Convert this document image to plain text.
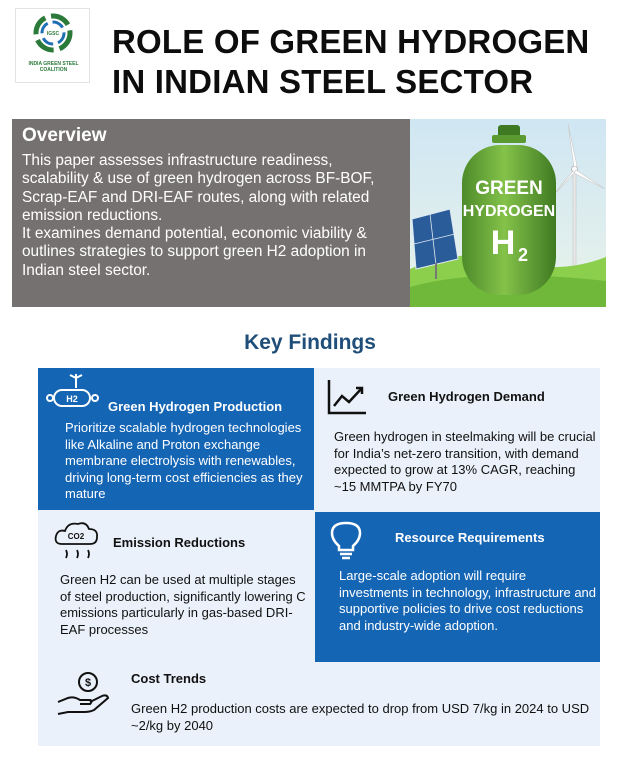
IGSC
INDIA GREEN STEEL
COALITION
ROLE OF GREEN HYDROGEN
IN INDIAN STEEL SECTOR
Overview

This paper assesses infrastructure readiness, scalability & use of green hydrogen across BF-BOF, Scrap-EAF and DRI-EAF routes, along with related emission reductions.

It examines demand potential, economic viability & outlines strategies to support green H2 adoption in Indian steel sector.

GREEN
HYDROGEN
H 2
Key Findings
H2 Green Hydrogen Production
Prioritize scalable hydrogen technologies like Alkaline and Proton exchange membrane electrolysis with renewables, driving long-term cost efficiencies as they mature
Green Hydrogen Demand
Green hydrogen in steelmaking will be crucial for India’s net-zero transition, with demand expected to grow at 13% CAGR, reaching ~15 MMTPA by FY70
CO2 Emission Reductions
Green H2 can be used at multiple stages of steel production, significantly lowering C emissions particularly in gas-based DRI-EAF processes
Resource Requirements
Large-scale adoption will require investments in technology, infrastructure and supportive policies to drive cost reductions and industry-wide adoption.
$	Cost Trends
Green H2 production costs are expected to drop from USD 7/kg in 2024 to USD ~2/kg by 2040
